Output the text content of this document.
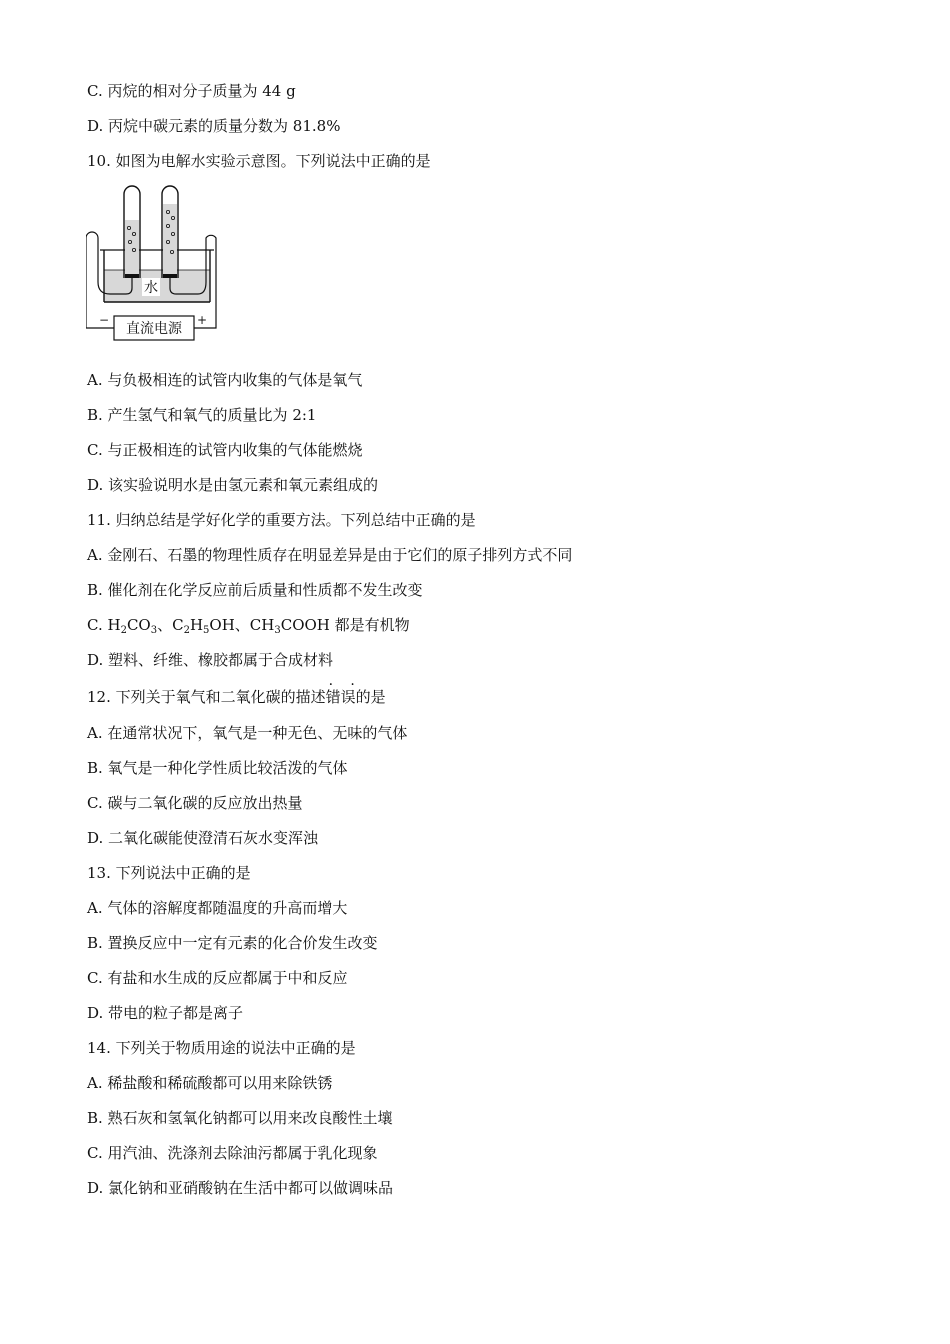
C. 丙烷的相对分子质量为 44 g
D. 丙烷中碳元素的质量分数为 81.8%
10. 如图为电解水实验示意图。下列说法中正确的是
水
直流电源
−	+
A. 与负极相连的试管内收集的气体是氧气
B. 产生氢气和氧气的质量比为 2:1
C. 与正极相连的试管内收集的气体能燃烧
D. 该实验说明水是由氢元素和氧元素组成的
11. 归纳总结是学好化学的重要方法。下列总结中正确的是
A. 金刚石、石墨的物理性质存在明显差异是由于它们的原子排列方式不同
B. 催化剂在化学反应前后质量和性质都不发生改变
C. $H_2CO_3$、$C_2H_5OH$、$CH_3COOH$ 都是有机物
D. 塑料、纤维、橡胶都属于合成材料
12. 下列关于氧气和二氧化碳的描述· · 错误的是
A. 在通常状况下，氧气是一种无色、无味的气体
B. 氧气是一种化学性质比较活泼的气体
C. 碳与二氧化碳的反应放出热量
D. 二氧化碳能使澄清石灰水变浑浊
13. 下列说法中正确的是
A. 气体的溶解度都随温度的升高而增大
B. 置换反应中一定有元素的化合价发生改变
C. 有盐和水生成的反应都属于中和反应
D. 带电的粒子都是离子
14. 下列关于物质用途的说法中正确的是
A. 稀盐酸和稀硫酸都可以用来除铁锈
B. 熟石灰和氢氧化钠都可以用来改良酸性土壤
C. 用汽油、洗涤剂去除油污都属于乳化现象
D. 氯化钠和亚硝酸钠在生活中都可以做调味品
